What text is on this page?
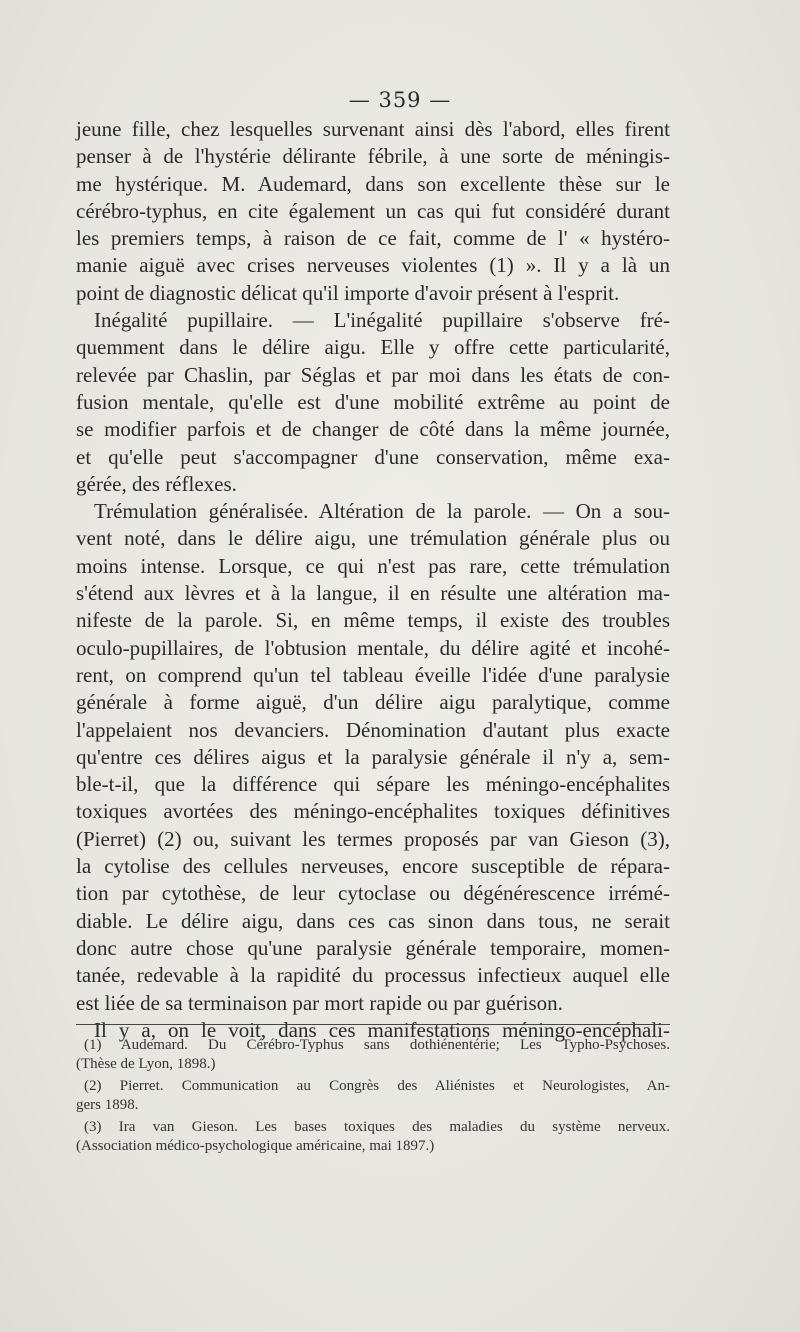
— 359 —
jeune fille, chez lesquelles survenant ainsi dès l'abord, elles firent
penser à de l'hystérie délirante fébrile, à une sorte de méningis-
me hystérique. M. Audemard, dans son excellente thèse sur le
cérébro-typhus, en cite également un cas qui fut considéré durant
les premiers temps, à raison de ce fait, comme de l' « hystéro-
manie aiguë avec crises nerveuses violentes (1) ». Il y a là un
point de diagnostic délicat qu'il importe d'avoir présent à l'esprit.
Inégalité pupillaire. — L'inégalité pupillaire s'observe fré-
quemment dans le délire aigu. Elle y offre cette particularité,
relevée par Chaslin, par Séglas et par moi dans les états de con-
fusion mentale, qu'elle est d'une mobilité extrême au point de
se modifier parfois et de changer de côté dans la même journée,
et qu'elle peut s'accompagner d'une conservation, même exa-
gérée, des réflexes.
Trémulation généralisée. Altération de la parole. — On a sou-
vent noté, dans le délire aigu, une trémulation générale plus ou
moins intense. Lorsque, ce qui n'est pas rare, cette trémulation
s'étend aux lèvres et à la langue, il en résulte une altération ma-
nifeste de la parole. Si, en même temps, il existe des troubles
oculo-pupillaires, de l'obtusion mentale, du délire agité et incohé-
rent, on comprend qu'un tel tableau éveille l'idée d'une paralysie
générale à forme aiguë, d'un délire aigu paralytique, comme
l'appelaient nos devanciers. Dénomination d'autant plus exacte
qu'entre ces délires aigus et la paralysie générale il n'y a, sem-
ble-t-il, que la différence qui sépare les méningo-encéphalites
toxiques avortées des méningo-encéphalites toxiques définitives
(Pierret) (2) ou, suivant les termes proposés par van Gieson (3),
la cytolise des cellules nerveuses, encore susceptible de répara-
tion par cytothèse, de leur cytoclase ou dégénérescence irrémé-
diable. Le délire aigu, dans ces cas sinon dans tous, ne serait
donc autre chose qu'une paralysie générale temporaire, momen-
tanée, redevable à la rapidité du processus infectieux auquel elle
est liée de sa terminaison par mort rapide ou par guérison.
Il y a, on le voit, dans ces manifestations méningo-encéphali-
(1) Audemard. Du Cérébro-Typhus sans dothiénentérie; Les Typho-Psychoses.
(Thèse de Lyon, 1898.)
(2) Pierret. Communication au Congrès des Aliénistes et Neurologistes, An-
gers 1898.
(3) Ira van Gieson. Les bases toxiques des maladies du système nerveux.
(Association médico-psychologique américaine, mai 1897.)
